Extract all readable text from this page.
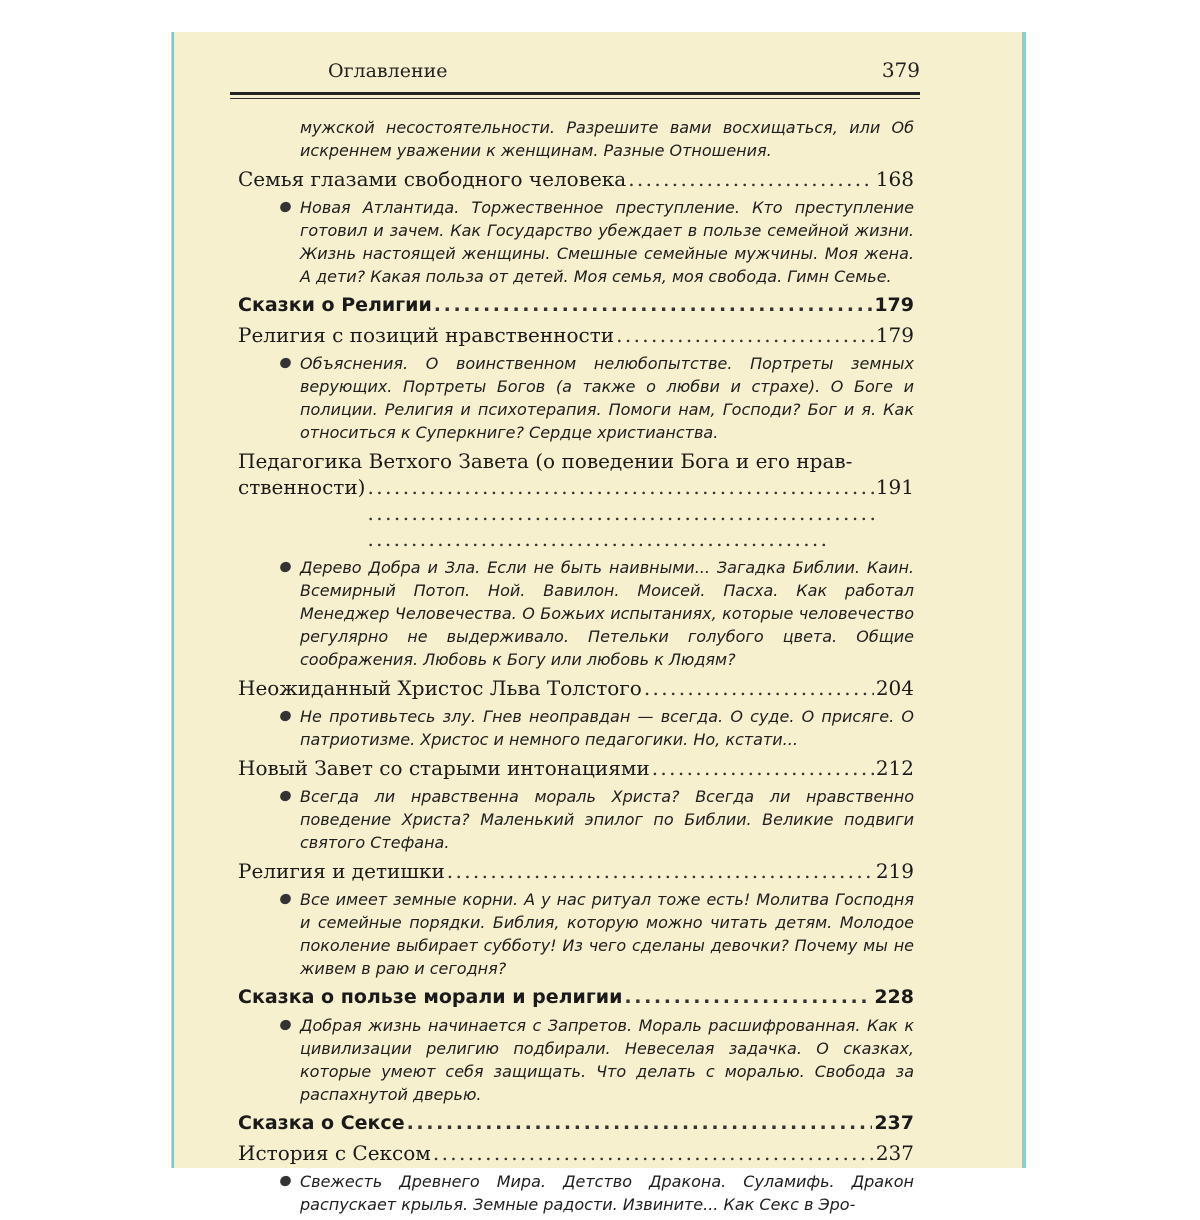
Оглавление	379
мужской несостоятельности. Разрешите вами восхищаться, или Об искреннем уважении к женщинам. Разные Отношения.
Семья глазами свободного человека . . .	168
Новая Атлантида. Торжественное преступление. Кто преступление готовил и зачем. Как Государство убеждает в пользе семейной жизни. Жизнь настоящей женщины. Смешные семейные мужчины. Моя жена. А дети? Какая польза от детей. Моя семья, моя свобода. Гимн Семье.
Сказки о Религии . . .	179
Религия с позиций нравственности . . .	179
Объяснения. О воинственном нелюбопытстве. Портреты земных верующих. Портреты Богов (а также о любви и страхе). О Боге и полиции. Религия и психотерапия. Помоги нам, Господи? Бог и я. Как относиться к Суперкниге? Сердце христианства.
Педагогика Ветхого Завета (о поведении Бога и его нрав-
ственности) . . .	191
Дерево Добра и Зла. Если не быть наивными... Загадка Библии. Каин. Всемирный Потоп. Ной. Вавилон. Моисей. Пасха. Как работал Менеджер Человечества. О Божьих испытаниях, которые человечество регулярно не выдерживало. Петельки голубого цвета. Общие соображения. Любовь к Богу или любовь к Людям?
Неожиданный Христос Льва Толстого . . .	204
Не противьтесь злу. Гнев неоправдан — всегда. О суде. О присяге. О патриотизме. Христос и немного педагогики. Но, кстати...
Новый Завет со старыми интонациями . . .	212
Всегда ли нравственна мораль Христа? Всегда ли нравственно поведение Христа? Маленький эпилог по Библии. Великие подвиги святого Стефана.
Религия и детишки . . .	219
Все имеет земные корни. А у нас ритуал тоже есть! Молитва Господня и семейные порядки. Библия, которую можно читать детям. Молодое поколение выбирает субботу! Из чего сделаны девочки? Почему мы не живем в раю и сегодня?
Сказка о пользе морали и религии . . .	228
Добрая жизнь начинается с Запретов. Мораль расшифрованная. Как к цивилизации религию подбирали. Невеселая задачка. О сказках, которые умеют себя защищать. Что делать с моралью. Свобода за распахнутой дверью.
Сказка о Сексе . . .	237
История с Сексом . . .	237
Свежесть Древнего Мира. Детство Дракона. Суламифь. Дракон распускает крылья. Земные радости. Извините... Как Секс в Эро-
